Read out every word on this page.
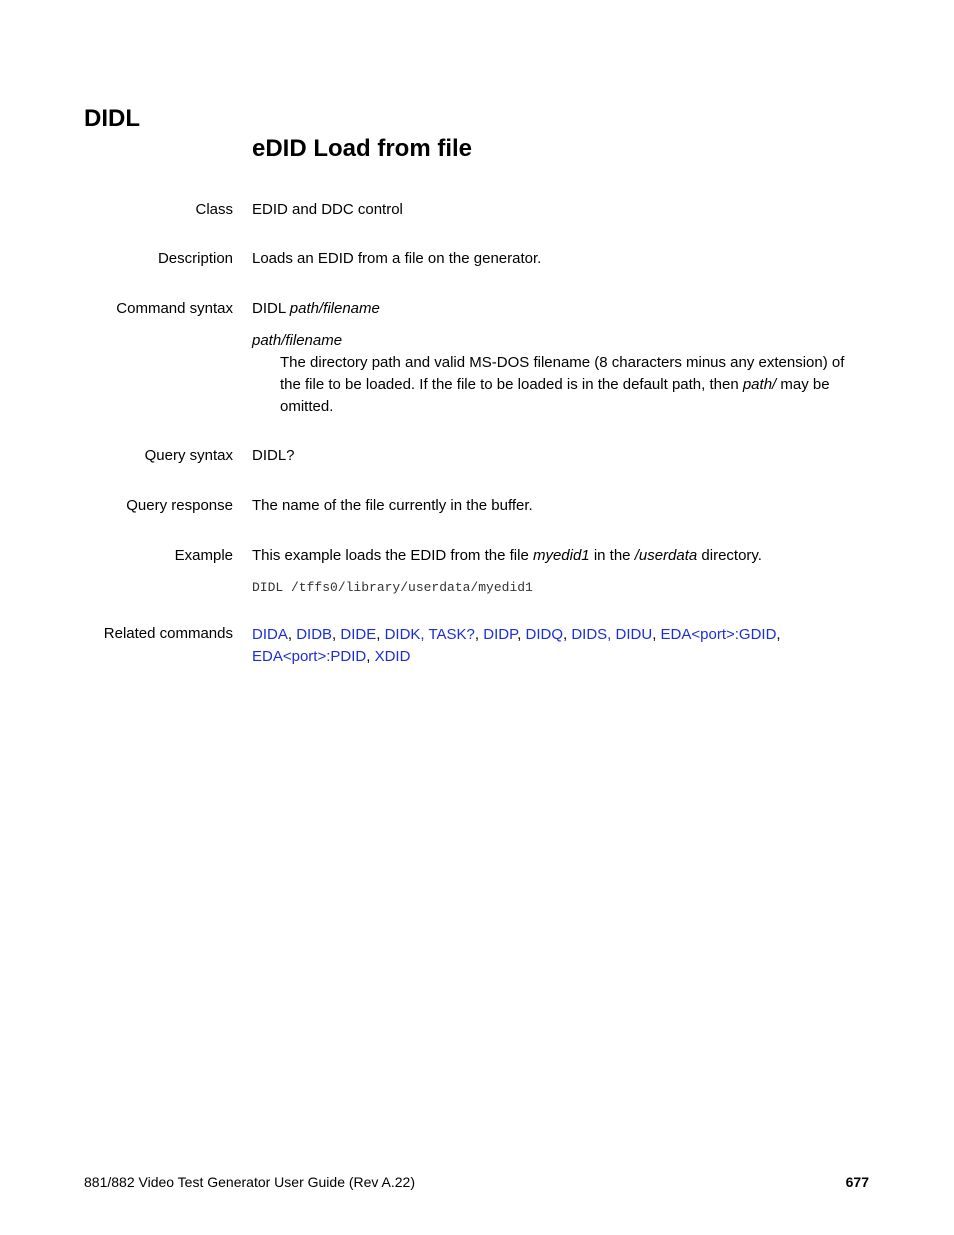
DIDL
eDID Load from file
Class EDID and DDC control
Description Loads an EDID from a file on the generator.
Command syntax DIDL path/filename
path/filename
The directory path and valid MS-DOS filename (8 characters minus any extension) of
the file to be loaded. If the file to be loaded is in the default path, then path/ may be
omitted.
Query syntax DIDL?
Query response The name of the file currently in the buffer.
Example This example loads the EDID from the file myedid1 in the /userdata directory.
DIDL /tffs0/library/userdata/myedid1
Related commands DIDA, DIDB, DIDE, DIDK, TASK?, DIDP, DIDQ, DIDS, DIDU, EDA<port>:GDID,
EDA<port>:PDID, XDID
881/882 Video Test Generator User Guide (Rev A.22)	677
